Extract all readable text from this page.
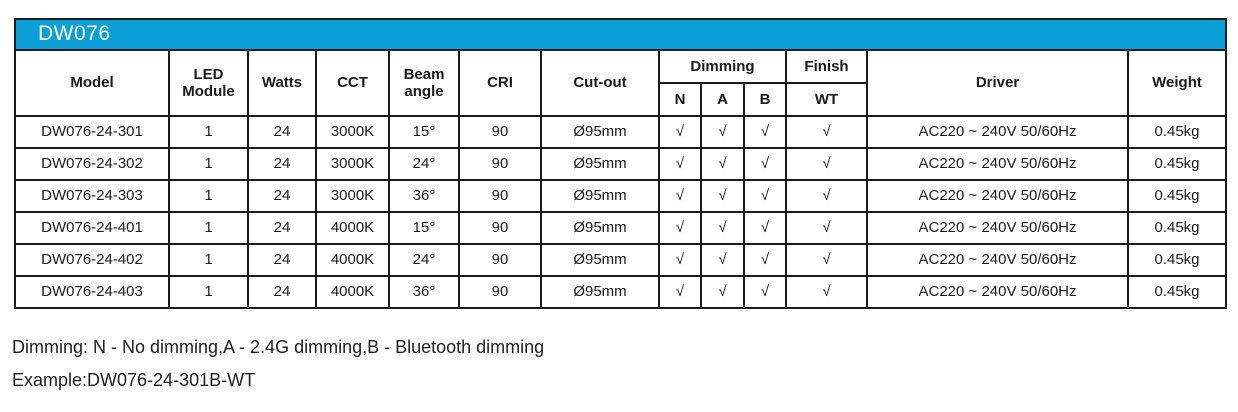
DW076												
Model	LED Module	Watts	CCT	Beam angle	CRI	Cut-out	Dimming			Finish	Driver	Weight
							N	A	B	WT		
DW076-24-301	1	24	3000K	15°	90	Ø95mm	√	√	√	√	AC220 ~ 240V 50/60Hz	0.45kg
DW076-24-302	1	24	3000K	24°	90	Ø95mm	√	√	√	√	AC220 ~ 240V 50/60Hz	0.45kg
DW076-24-303	1	24	3000K	36°	90	Ø95mm	√	√	√	√	AC220 ~ 240V 50/60Hz	0.45kg
DW076-24-401	1	24	4000K	15°	90	Ø95mm	√	√	√	√	AC220 ~ 240V 50/60Hz	0.45kg
DW076-24-402	1	24	4000K	24°	90	Ø95mm	√	√	√	√	AC220 ~ 240V 50/60Hz	0.45kg
DW076-24-403	1	24	4000K	36°	90	Ø95mm	√	√	√	√	AC220 ~ 240V 50/60Hz	0.45kg

Dimming: N - No dimming,A - 2.4G dimming,B - Bluetooth dimming

Example:DW076-24-301B-WT
